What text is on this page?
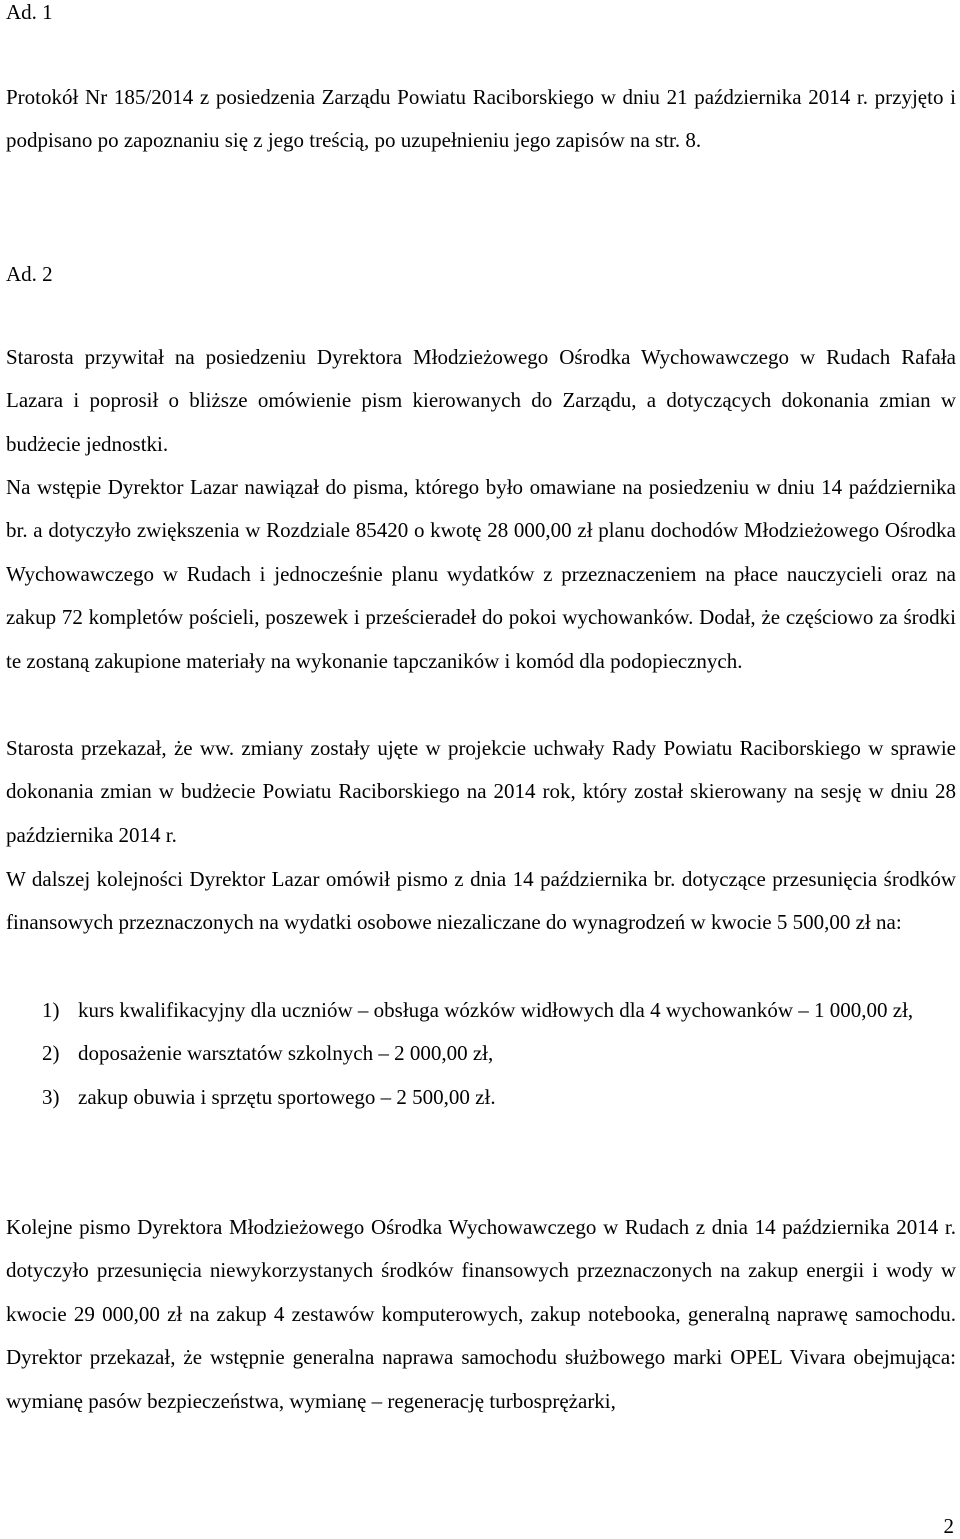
Ad. 1

Protokół Nr 185/2014 z posiedzenia Zarządu Powiatu Raciborskiego w dniu 21 października 2014 r. przyjęto i podpisano po zapoznaniu się z jego treścią, po uzupełnieniu jego zapisów na str. 8.

Ad. 2

Starosta przywitał na posiedzeniu Dyrektora Młodzieżowego Ośrodka Wychowawczego w Rudach Rafała Lazara i poprosił o bliższe omówienie pism kierowanych do Zarządu, a dotyczących dokonania zmian w budżecie jednostki.

Na wstępie Dyrektor Lazar nawiązał do pisma, którego było omawiane na posiedzeniu w dniu 14 października br. a dotyczyło zwiększenia w Rozdziale 85420 o kwotę 28 000,00 zł planu dochodów Młodzieżowego Ośrodka Wychowawczego w Rudach i jednocześnie planu wydatków z przeznaczeniem na płace nauczycieli oraz na zakup 72 kompletów pościeli, poszewek i prześcieradeł do pokoi wychowanków. Dodał, że częściowo za środki te zostaną zakupione materiały na wykonanie tapczaników i komód dla podopiecznych.

Starosta przekazał, że ww. zmiany zostały ujęte w projekcie uchwały Rady Powiatu Raciborskiego w sprawie dokonania zmian w budżecie Powiatu Raciborskiego na 2014 rok, który został skierowany na sesję w dniu 28 października 2014 r.

W dalszej kolejności Dyrektor Lazar omówił pismo z dnia 14 października br. dotyczące przesunięcia środków finansowych przeznaczonych na wydatki osobowe niezaliczane do wynagrodzeń w kwocie 5 500,00 zł na:

1) kurs kwalifikacyjny dla uczniów – obsługa wózków widłowych dla 4 wychowanków – 1 000,00 zł,
2) doposażenie warsztatów szkolnych – 2 000,00 zł,
3) zakup obuwia i sprzętu sportowego – 2 500,00 zł.

Kolejne pismo Dyrektora Młodzieżowego Ośrodka Wychowawczego w Rudach z dnia 14 października 2014 r. dotyczyło przesunięcia niewykorzystanych środków finansowych przeznaczonych na zakup energii i wody w kwocie 29 000,00 zł na zakup 4 zestawów komputerowych, zakup notebooka, generalną naprawę samochodu. Dyrektor przekazał, że wstępnie generalna naprawa samochodu służbowego marki OPEL Vivara obejmująca: wymianę pasów bezpieczeństwa, wymianę – regenerację turbosprężarki,

2
